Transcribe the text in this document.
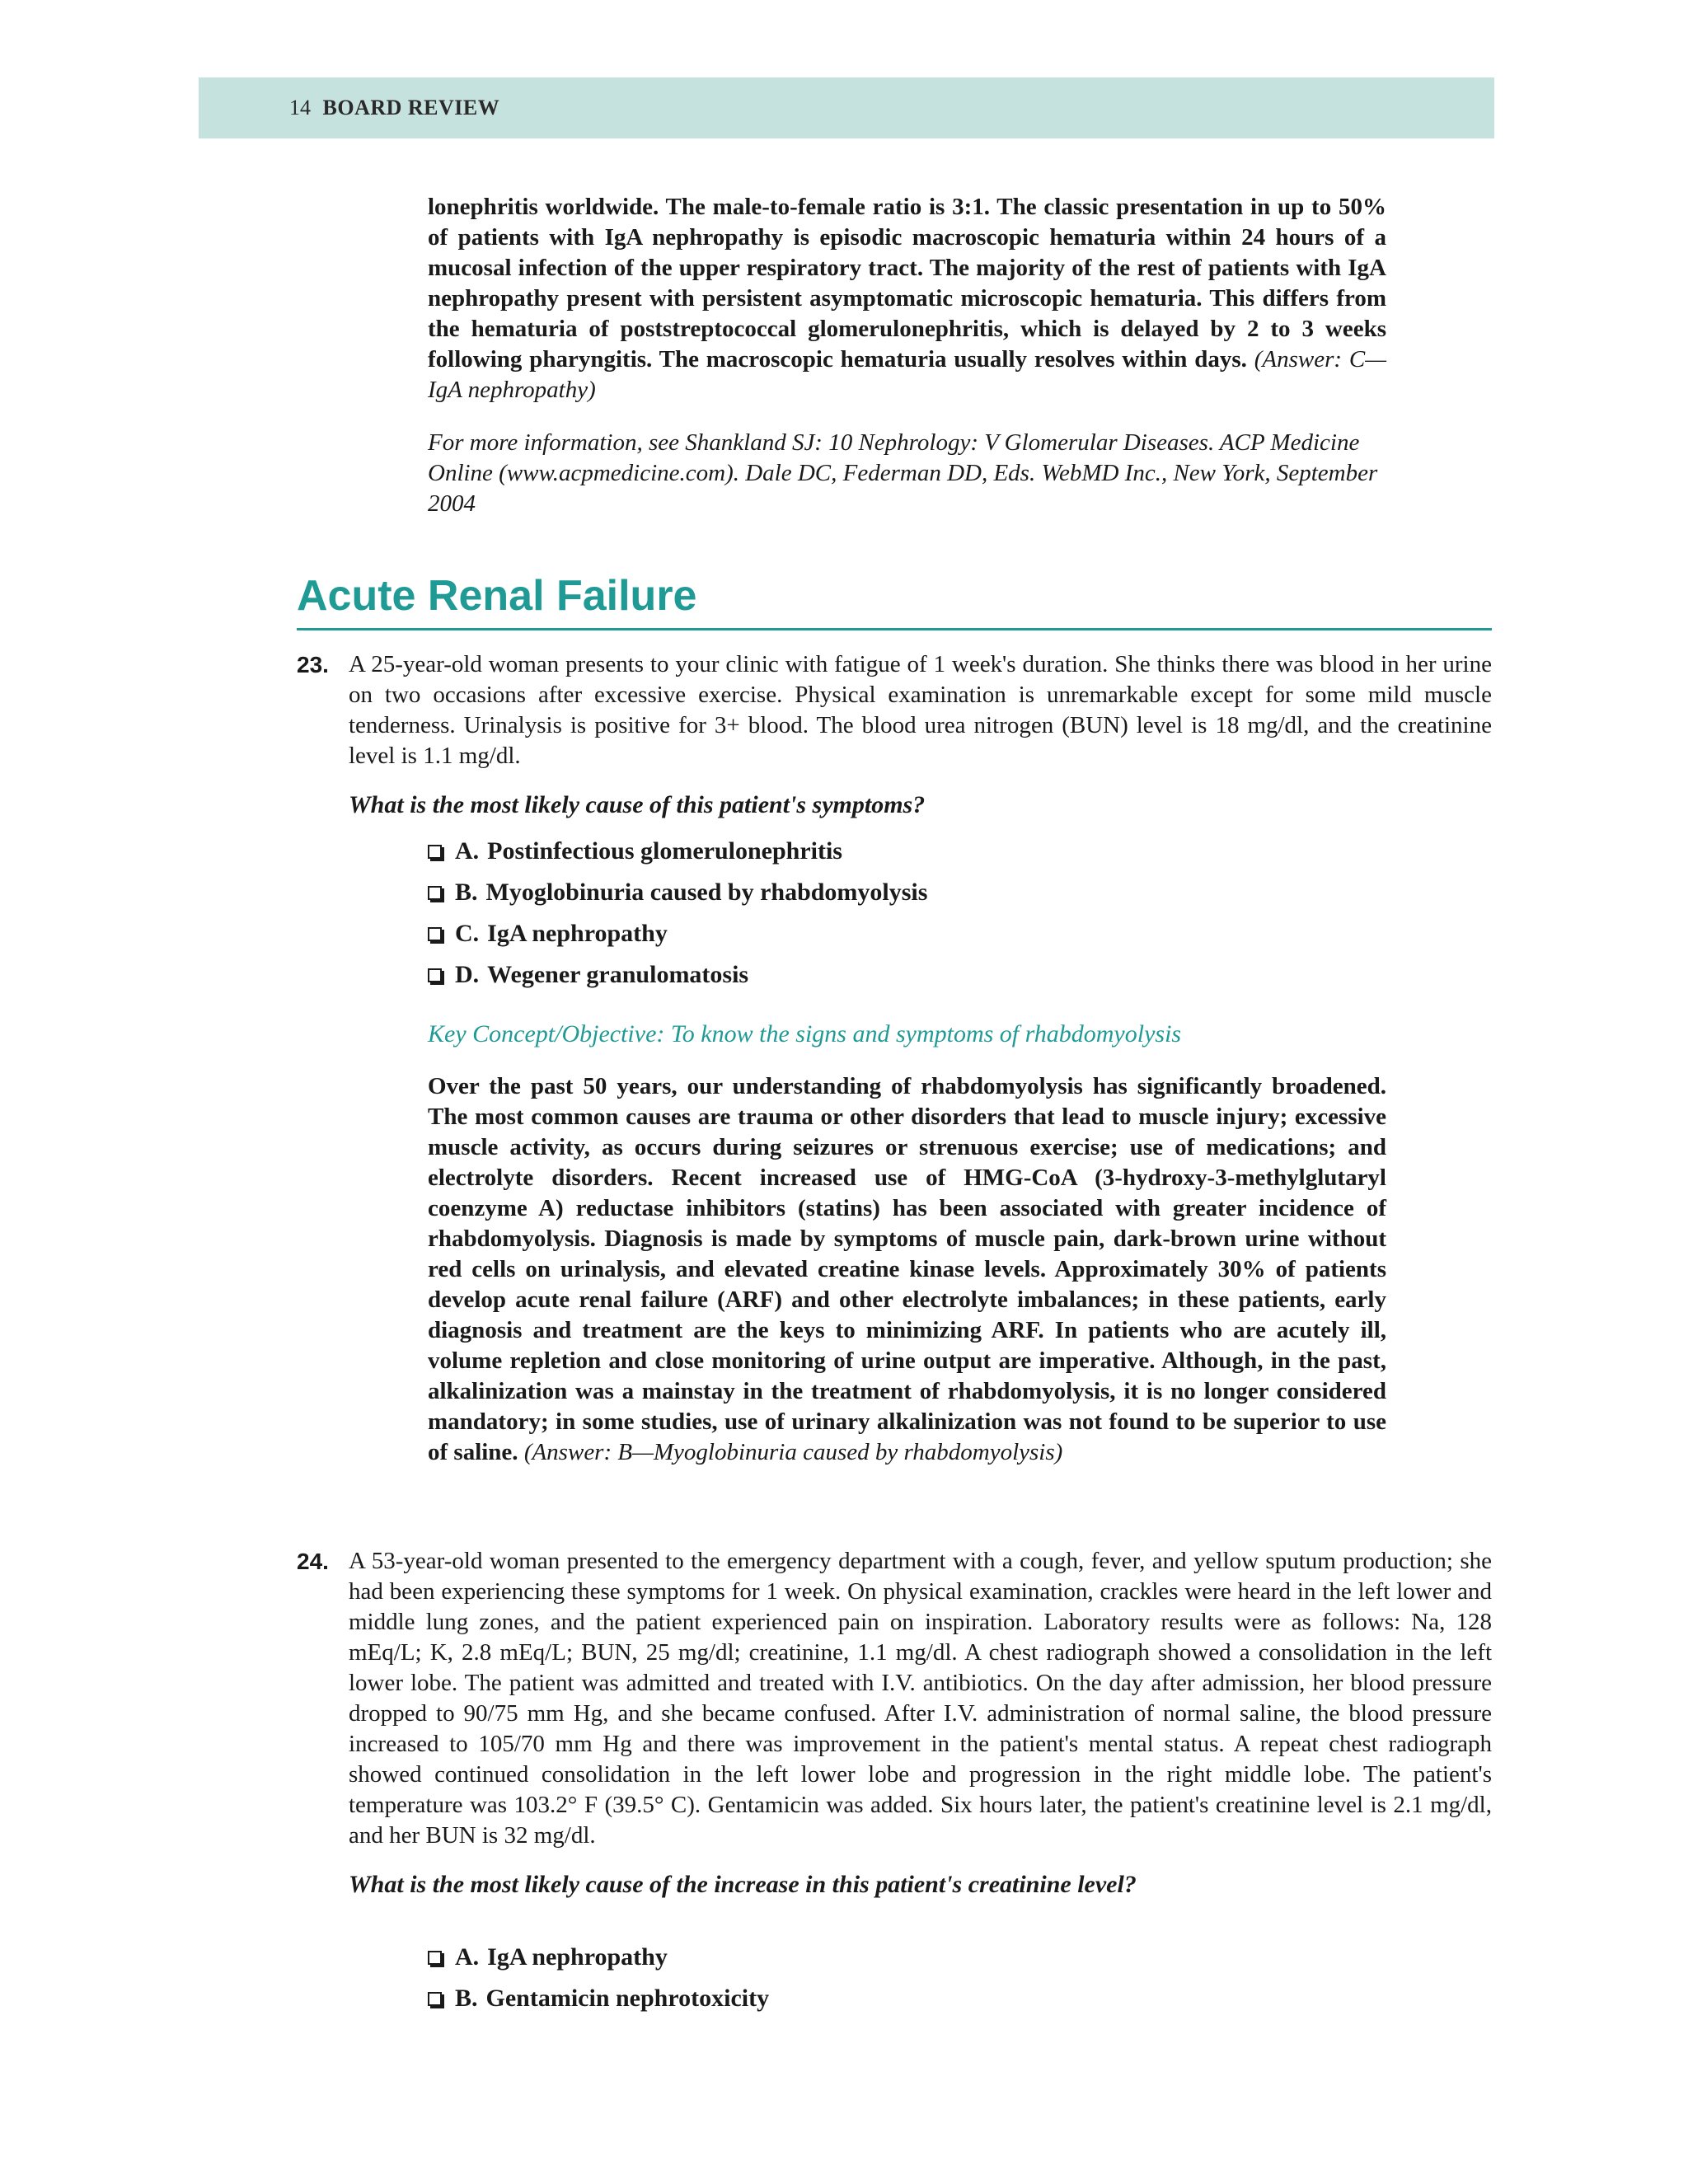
14 BOARD REVIEW

lonephritis worldwide. The male-to-female ratio is 3:1. The classic presentation in up to 50% of patients with IgA nephropathy is episodic macroscopic hematuria within 24 hours of a mucosal infection of the upper respiratory tract. The majority of the rest of patients with IgA nephropathy present with persistent asymptomatic microscopic hematuria. This differs from the hematuria of poststreptococcal glomerulonephritis, which is delayed by 2 to 3 weeks following pharyngitis. The macroscopic hematuria usually resolves within days. (Answer: C—IgA nephropathy)

For more information, see Shankland SJ: 10 Nephrology: V Glomerular Diseases. ACP Medicine Online (www.acpmedicine.com). Dale DC, Federman DD, Eds. WebMD Inc., New York, September 2004

Acute Renal Failure
23. A 25-year-old woman presents to your clinic with fatigue of 1 week's duration. She thinks there was blood in her urine on two occasions after excessive exercise. Physical examination is unremarkable except for some mild muscle tenderness. Urinalysis is positive for 3+ blood. The blood urea nitrogen (BUN) level is 18 mg/dl, and the creatinine level is 1.1 mg/dl.

What is the most likely cause of this patient's symptoms?

A. Postinfectious glomerulonephritis
B. Myoglobinuria caused by rhabdomyolysis
C. IgA nephropathy
D. Wegener granulomatosis

Key Concept/Objective: To know the signs and symptoms of rhabdomyolysis

Over the past 50 years, our understanding of rhabdomyolysis has significantly broadened. The most common causes are trauma or other disorders that lead to muscle injury; excessive muscle activity, as occurs during seizures or strenuous exercise; use of medications; and electrolyte disorders. Recent increased use of HMG-CoA (3-hydroxy-3-methylglutaryl coenzyme A) reductase inhibitors (statins) has been associated with greater incidence of rhabdomyolysis. Diagnosis is made by symptoms of muscle pain, dark-brown urine without red cells on urinalysis, and elevated creatine kinase levels. Approximately 30% of patients develop acute renal failure (ARF) and other electrolyte imbalances; in these patients, early diagnosis and treatment are the keys to minimizing ARF. In patients who are acutely ill, volume repletion and close monitoring of urine output are imperative. Although, in the past, alkalinization was a mainstay in the treatment of rhabdomyolysis, it is no longer considered mandatory; in some studies, use of urinary alkalinization was not found to be superior to use of saline. (Answer: B—Myoglobinuria caused by rhabdomyolysis)

24. A 53-year-old woman presented to the emergency department with a cough, fever, and yellow sputum production; she had been experiencing these symptoms for 1 week. On physical examination, crackles were heard in the left lower and middle lung zones, and the patient experienced pain on inspiration. Laboratory results were as follows: Na, 128 mEq/L; K, 2.8 mEq/L; BUN, 25 mg/dl; creatinine, 1.1 mg/dl. A chest radiograph showed a consolidation in the left lower lobe. The patient was admitted and treated with I.V. antibiotics. On the day after admission, her blood pressure dropped to 90/75 mm Hg, and she became confused. After I.V. administration of normal saline, the blood pressure increased to 105/70 mm Hg and there was improvement in the patient's mental status. A repeat chest radiograph showed continued consolidation in the left lower lobe and progression in the right middle lobe. The patient's temperature was 103.2° F (39.5° C). Gentamicin was added. Six hours later, the patient's creatinine level is 2.1 mg/dl, and her BUN is 32 mg/dl.

What is the most likely cause of the increase in this patient's creatinine level?

A. IgA nephropathy
B. Gentamicin nephrotoxicity
